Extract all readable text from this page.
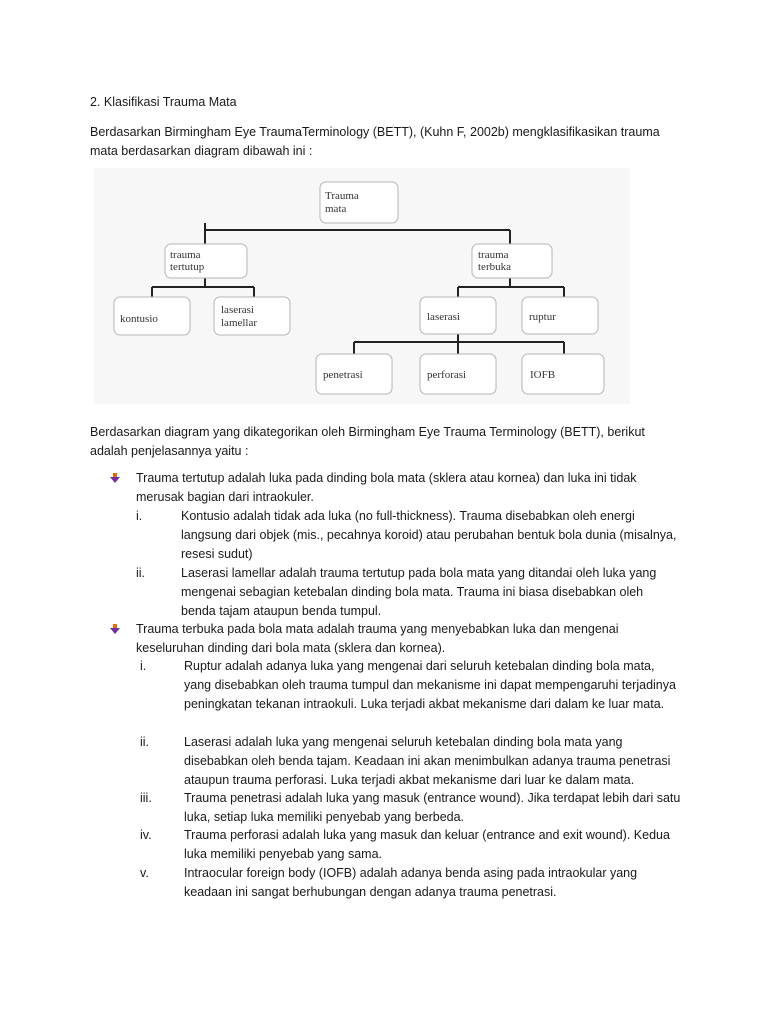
2. Klasifikasi Trauma Mata
Berdasarkan Birmingham Eye TraumaTerminology (BETT), (Kuhn F, 2002b) mengklasifikasikan trauma mata berdasarkan diagram dibawah ini :
Trauma
mata
trauma
tertutup
trauma
terbuka
kontusio
laserasi
lamellar	laserasi	ruptur
penetrasi	perforasi	IOFB
Berdasarkan diagram yang dikategorikan oleh Birmingham Eye Trauma Terminology (BETT), berikut adalah penjelasannya yaitu :
Trauma tertutup adalah luka pada dinding bola mata (sklera atau kornea) dan luka ini tidak merusak bagian dari intraokuler.
i.	Kontusio adalah tidak ada luka (no full-thickness). Trauma disebabkan oleh energi langsung dari objek (mis., pecahnya koroid) atau perubahan bentuk bola dunia (misalnya, resesi sudut)
ii.	Laserasi lamellar adalah trauma tertutup pada bola mata yang ditandai oleh luka yang mengenai sebagian ketebalan dinding bola mata. Trauma ini biasa disebabkan oleh benda tajam ataupun benda tumpul.
Trauma terbuka pada bola mata adalah trauma yang menyebabkan luka dan mengenai keseluruhan dinding dari bola mata (sklera dan kornea).
i.	Ruptur adalah adanya luka yang mengenai dari seluruh ketebalan dinding bola mata, yang disebabkan oleh trauma tumpul dan mekanisme ini dapat mempengaruhi terjadinya peningkatan tekanan intraokuli. Luka terjadi akbat mekanisme dari dalam ke luar mata.
ii.	Laserasi adalah luka yang mengenai seluruh ketebalan dinding bola mata yang disebabkan oleh benda tajam. Keadaan ini akan menimbulkan adanya trauma penetrasi ataupun trauma perforasi. Luka terjadi akbat mekanisme dari luar ke dalam mata.
iii.	Trauma penetrasi adalah luka yang masuk (entrance wound). Jika terdapat lebih dari satu luka, setiap luka memiliki penyebab yang berbeda.
iv.	Trauma perforasi adalah luka yang masuk dan keluar (entrance and exit wound). Kedua luka memiliki penyebab yang sama.
v.	Intraocular foreign body (IOFB) adalah adanya benda asing pada intraokular yang keadaan ini sangat berhubungan dengan adanya trauma penetrasi.
